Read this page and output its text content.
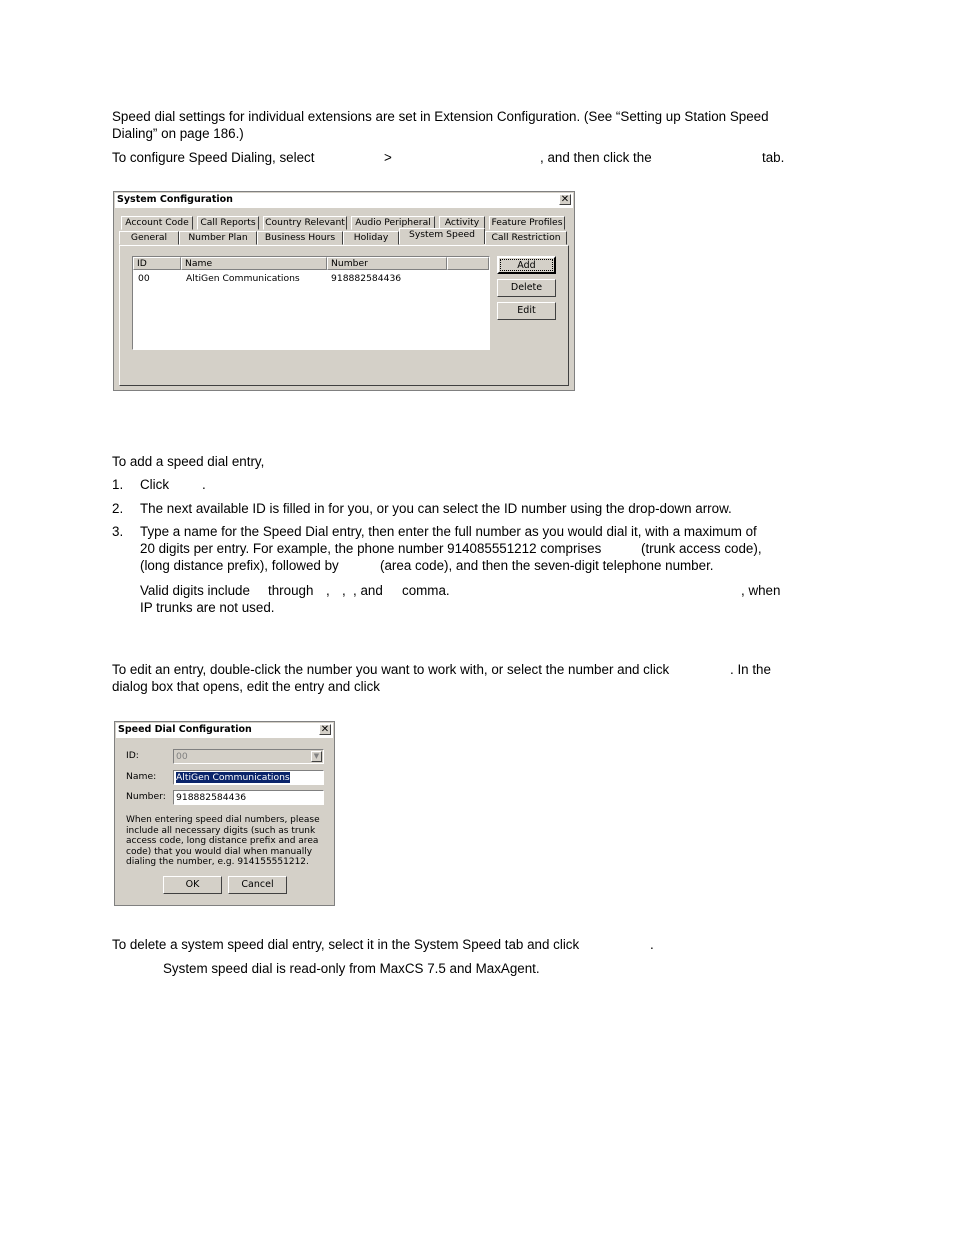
Speed dial settings for individual extensions are set in Extension Configuration. (See “Setting up Station Speed

Dialing” on page 186.)

To configure Speed Dialing, select	>	, and then click the	tab.

System Configuration	✕
Account Code	Call Reports	Country Relevant	Audio Peripheral	Activity	Feature Profiles
General	Number Plan	Business Hours	Holiday	System Speed	Call Restriction
ID	Name	Number
00	AltiGen Communications	918882584436
Add
Delete
Edit

To add a speed dial entry,

1. Click .
2. The next available ID is filled in for you, or you can select the ID number using the drop-down arrow.
3. Type a name for the Speed Dial entry, then enter the full number as you would dial it, with a maximum of
20 digits per entry. For example, the phone number 914085551212 comprises	(trunk access code),
(long distance prefix), followed by	(area code), and then the seven-digit telephone number.
Valid digits include through , , , and comma.	, when
IP trunks are not used.

To edit an entry, double-click the number you want to work with, or select the number and click	. In the

dialog box that opens, edit the entry and click

Speed Dial Configuration	✕
ID:	00	▼
Name:	AltiGen Communications
Number:	918882584436
When entering speed dial numbers, please include all necessary digits (such as trunk access code, long distance prefix and area code) that you would dial when manually dialing the number, e.g. 914155551212.
OK	Cancel

To delete a system speed dial entry, select it in the System Speed tab and click	.

System speed dial is read-only from MaxCS 7.5 and MaxAgent.
